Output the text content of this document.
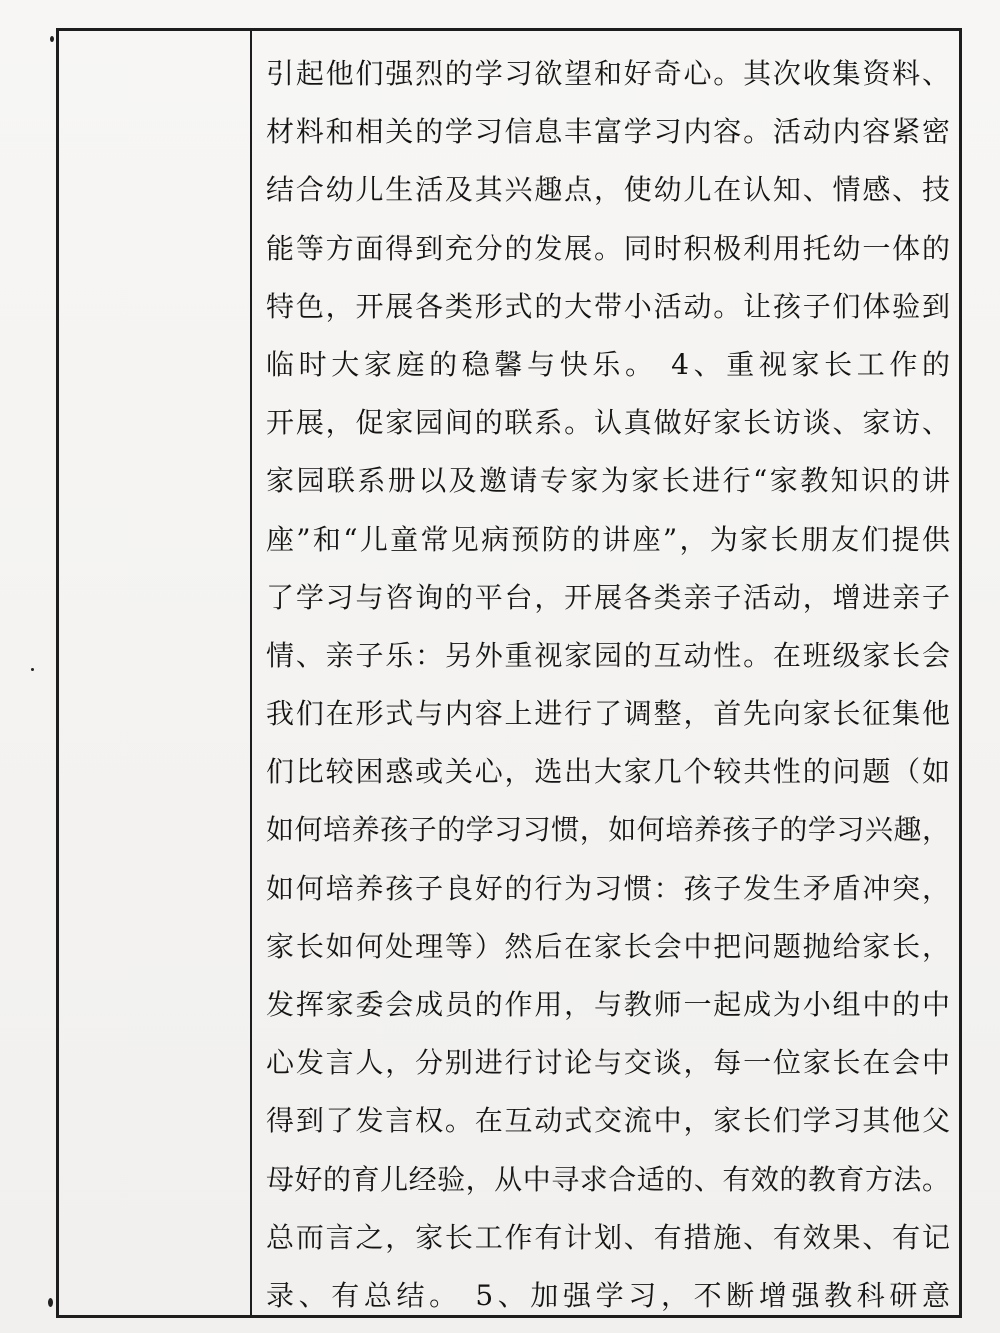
引起他们强烈的学习欲望和好奇心。其次收集资料、
材料和相关的学习信息丰富学习内容。活动内容紧密
结合幼儿生活及其兴趣点，使幼儿在认知、情感、技
能等方面得到充分的发展。同时积极利用托幼一体的
特色，开展各类形式的大带小活动。让孩子们体验到
临时大家庭的稳馨与快乐。 4、重视家长工作的
开展，促家园间的联系。认真做好家长访谈、家访、
家园联系册以及邀请专家为家长进行“家教知识的讲
座”和“儿童常见病预防的讲座”，为家长朋友们提供
了学习与咨询的平台，开展各类亲子活动，增进亲子
情、亲子乐：另外重视家园的互动性。在班级家长会
我们在形式与内容上进行了调整，首先向家长征集他
们比较困惑或关心，选出大家几个较共性的问题（如
如何培养孩子的学习习惯，如何培养孩子的学习兴趣，
如何培养孩子良好的行为习惯：孩子发生矛盾冲突，
家长如何处理等）然后在家长会中把问题抛给家长，
发挥家委会成员的作用，与教师一起成为小组中的中
心发言人，分别进行讨论与交谈，每一位家长在会中
得到了发言权。在互动式交流中，家长们学习其他父
母好的育儿经验，从中寻求合适的、有效的教育方法。
总而言之，家长工作有计划、有措施、有效果、有记
录、有总结。 5、加强学习，不断增强教科研意
